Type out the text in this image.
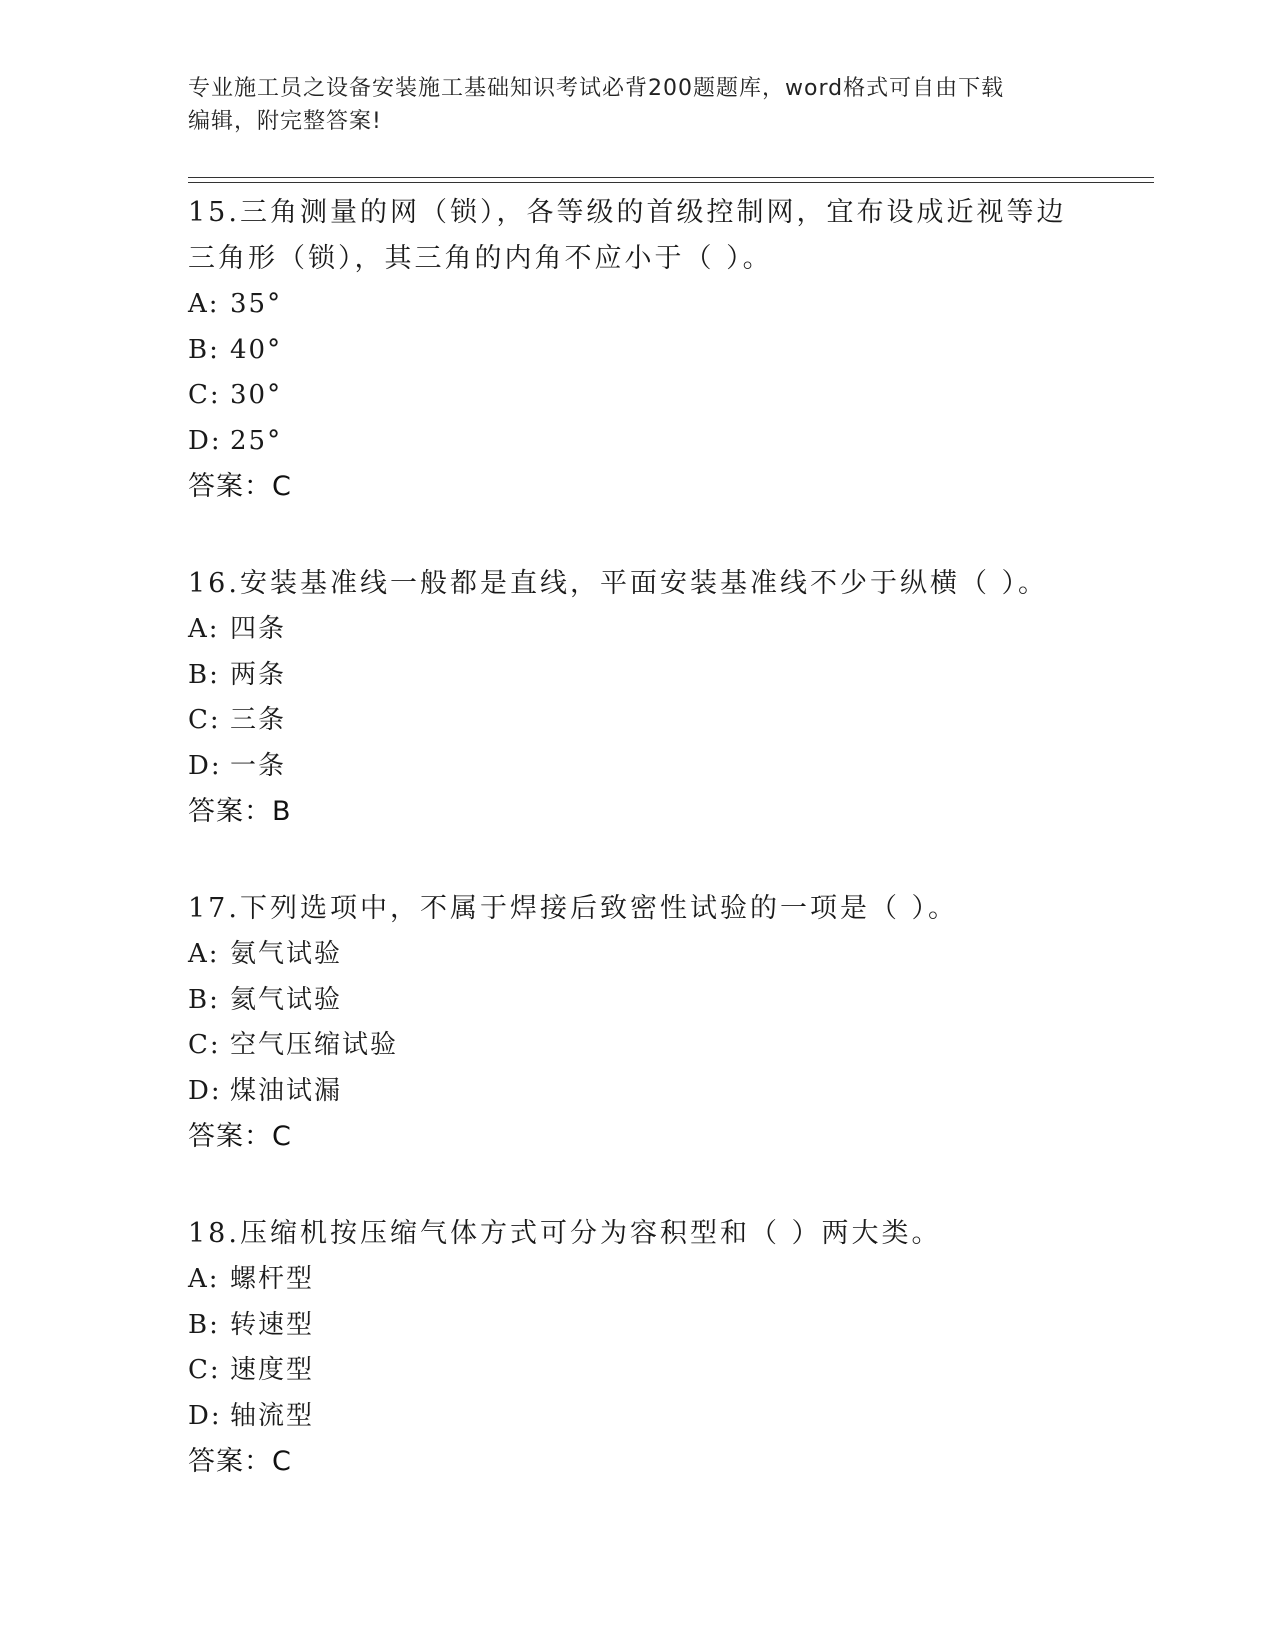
专业施工员之设备安装施工基础知识考试必背200题题库，word格式可自由下载
编辑，附完整答案!
15.三角测量的网（锁），各等级的首级控制网，宜布设成近视等边三角形（锁），其三角的内角不应小于（ ）。
A: 35°
B: 40°
C: 30°
D: 25°
答案：C
16.安装基准线一般都是直线，平面安装基准线不少于纵横（ ）。
A: 四条
B: 两条
C: 三条
D: 一条
答案：B
17.下列选项中，不属于焊接后致密性试验的一项是（ ）。
A: 氨气试验
B: 氦气试验
C: 空气压缩试验
D: 煤油试漏
答案：C
18.压缩机按压缩气体方式可分为容积型和（ ）两大类。
A: 螺杆型
B: 转速型
C: 速度型
D: 轴流型
答案：C
